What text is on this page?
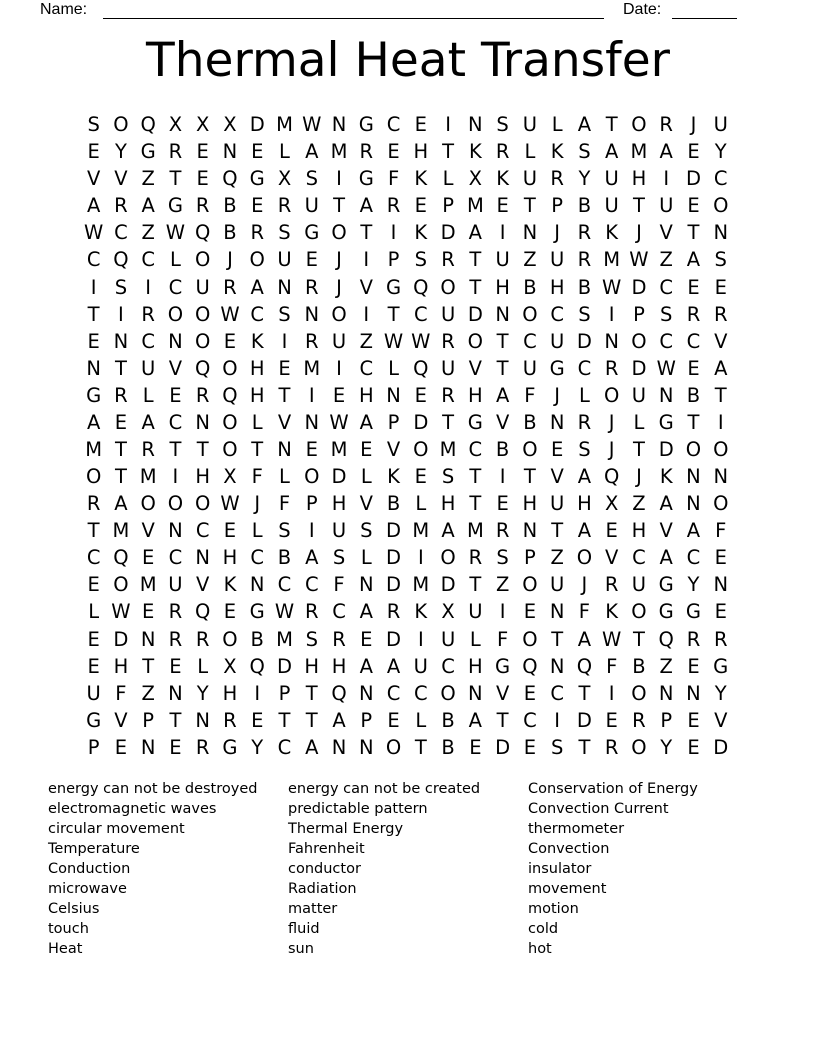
Name:	Date:
Thermal Heat Transfer
S O Q X X X D M W N G C E I N S U L A T O R J U
E Y G R E N E L A M R E H T K R L K S A M A E Y
V V Z T E Q G X S I G F K L X K U R Y U H I D C
A R A G R B E R U T A R E P M E T P B U T U E O
W C Z W Q B R S G O T I K D A I N J R K J V T N
C Q C L O J O U E J	I P S R T U Z U R M W Z A S
I S I C U R A N R J V G Q O T H B H B W D C E E
T I R O O W C S N O I T C U D N O C S I P S R R
E N C N O E K I R U Z W W R O T C U D N O C C V
N T U V Q O H E M I C L Q U V T U G C R D W E A
G R L E R Q H T I E H N E R H A F J L O U N B T
A E A C N O L V N W A P D T G V B N R J L G T I
M T R T T O T N E M E V O M C B O E S J T D O O
O T M I H X F L O D L K E S T I T V A Q J K N N
R A O O O W J F P H V B L H T E H U H X Z A N O
T M V N C E L S I U S D M A M R N T A E H V A F
C Q E C N H C B A S L D I O R S P Z O V C A C E
E O M U V K N C C F N D M D T Z O U J R U G Y N
L W E R Q E G W R C A R K X U I E N F K O G G E
E D N R R O B M S R E D I U L F O T A W T Q R R
E H T E L X Q D H H A A U C H G Q N Q F B Z E G
U F Z N Y H I P T Q N C C O N V E C T I O N N Y
G V P T N R E T T A P E L B A T C I D E R P E V
P E N E R G Y C A N N O T B E D E S T R O Y E D
energy can not be destroyed
electromagnetic waves
circular movement
Temperature
Conduction
microwave
Celsius
touch
Heat
energy can not be created
predictable pattern
Thermal Energy
Fahrenheit
conductor
Radiation
matter
fluid
sun
Conservation of Energy
Convection Current
thermometer
Convection
insulator
movement
motion
cold
hot
